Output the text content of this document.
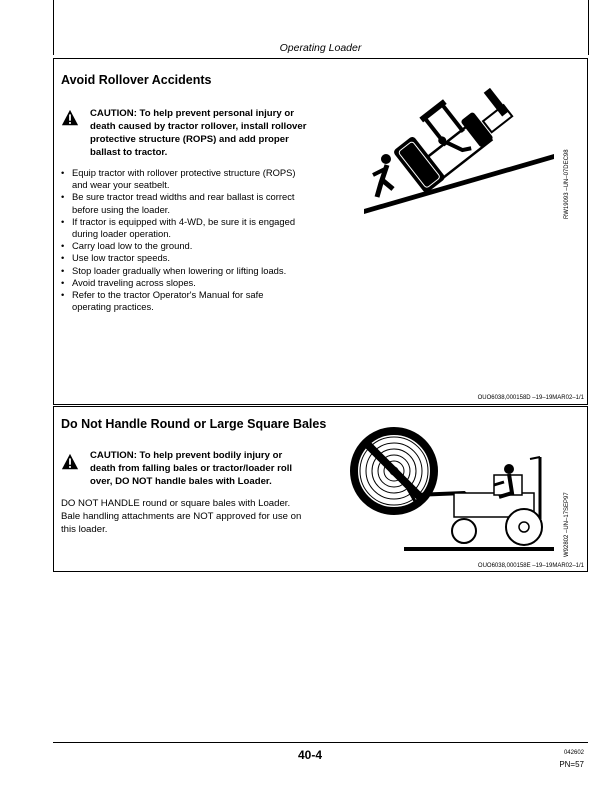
Operating Loader
Avoid Rollover Accidents
CAUTION: To help prevent personal injury or
death caused by tractor rollover, install rollover
protective structure (ROPS) and add proper
ballast to tractor.
• Equip tractor with rollover protective structure (ROPS)
and wear your seatbelt.
• Be sure tractor tread widths and rear ballast is correct
before using the loader.
• If tractor is equipped with 4-WD, be sure it is engaged
during loader operation.
• Carry load low to the ground.
• Use low tractor speeds.
• Stop loader gradually when lowering or lifting loads.
• Avoid traveling across slopes.
• Refer to the tractor Operator's Manual for safe
operating practices.
RW19093 –UN–07DEC98
OUO6038,000158D –19–19MAR02–1/1
Do Not Handle Round or Large Square Bales
CAUTION: To help prevent bodily injury or
death from falling bales or tractor/loader roll
over, DO NOT handle bales with Loader.
DO NOT HANDLE round or square bales with Loader.
Bale handling attachments are NOT approved for use on
this loader.	W92802 –UN–17SEP97
OUO6038,000158E –19–19MAR02–1/1
40-4	042602
PN=57
